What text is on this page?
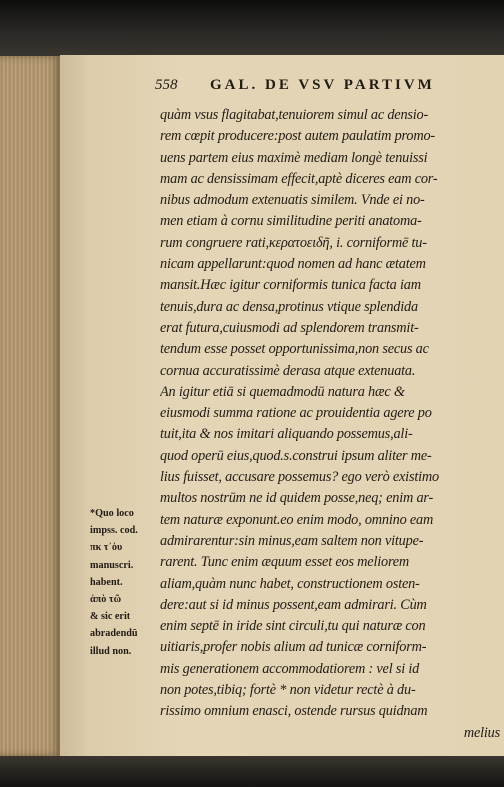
558 GAL. DE VSV PARTIVM
quàm vsus flagitabat,tenuiorem simul ac densio-
rem cœpit producere:post autem paulatim promo-
uens partem eius maximè mediam longè tenuissi
mam ac densissimam effecit,aptè diceres eam cor-
nibus admodum extenuatis similem. Vnde ei no-
men etiam à cornu similitudine periti anatoma-
rum congruere rati,κερατοειδῆ, i. corniformē tu-
nicam appellarunt:quod nomen ad hanc ætatem
mansit.Hæc igitur corniformis tunica facta iam
tenuis,dura ac densa,protinus vtique splendida
erat futura,cuiusmodi ad splendorem transmit-
tendum esse posset opportunissima,non secus ac
cornua accuratissimè derasa atque extenuata.
An igitur etiā si quemadmodū natura hæc &
eiusmodi summa ratione ac prouidentia agere po
tuit,ita & nos imitari aliquando possemus,ali-
quod operū eius,quod.s.construi ipsum aliter me-
lius fuisset, accusare possemus? ego verò existimo
multos nostrūm ne id quidem posse,neq; enim ar-
tem naturæ exponunt.eo enim modo, omnino eam
admirarentur:sin minus,eam saltem non vitupe-
rarent. Tunc enim æquum esset eos meliorem
aliam,quàm nunc habet, constructionem osten-
dere:aut si id minus possent,eam admirari. Cùm
enim septē in iride sint circuli,tu qui naturæ con
uitiaris,profer nobis alium ad tunicæ corniform-
mis generationem accommodatiorem : vel si id
non potes,tibiq; fortè * non videtur rectè à du-
rissimo omnium enasci, ostende rursus quidnam
melius
*Quo loco
impss. cod.
πκ τ᾽ὀυ
manuscri.
habent.
ἀπὸ τῶ
& sic erit
abradendū
illud non.
